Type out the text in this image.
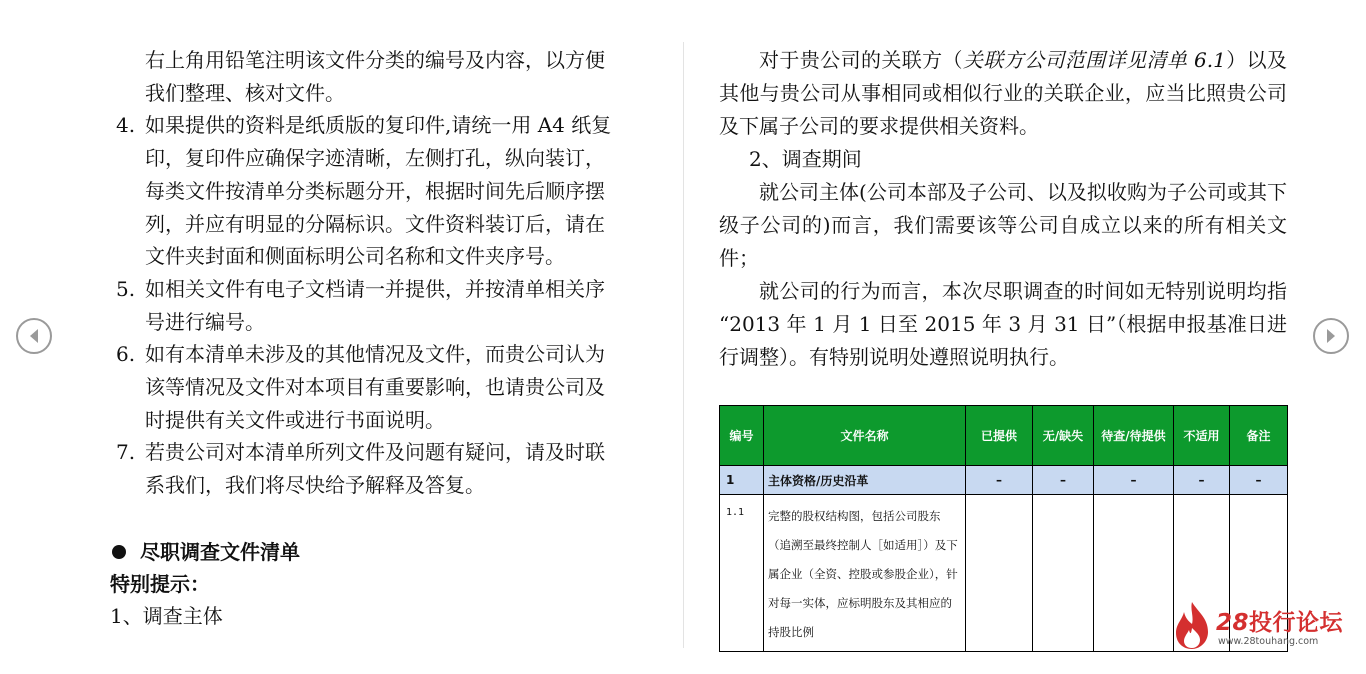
右上角用铅笔注明该文件分类的编号及内容，以方便
我们整理、核对文件。
4. 如果提供的资料是纸质版的复印件,请统一用 A4 纸复
印，复印件应确保字迹清晰，左侧打孔，纵向装订，
每类文件按清单分类标题分开，根据时间先后顺序摆
列，并应有明显的分隔标识。文件资料装订后，请在
文件夹封面和侧面标明公司名称和文件夹序号。
5. 如相关文件有电子文档请一并提供，并按清单相关序
号进行编号。
6. 如有本清单未涉及的其他情况及文件，而贵公司认为
该等情况及文件对本项目有重要影响，也请贵公司及
时提供有关文件或进行书面说明。
7. 若贵公司对本清单所列文件及问题有疑问，请及时联
系我们，我们将尽快给予解释及答复。
尽职调查文件清单
特别提示：
1、调查主体

对于贵公司的关联方（关联方公司范围详见清单 6.1）以及其他与贵公司从事相同或相似行业的关联企业，应当比照贵公司及下属子公司的要求提供相关资料。

2、调查期间

就公司主体(公司本部及子公司、以及拟收购为子公司或其下级子公司的)而言，我们需要该等公司自成立以来的所有相关文件；

就公司的行为而言，本次尽职调查的时间如无特别说明均指 “2013 年 1 月 1 日至 2015 年 3 月 31 日”（根据申报基准日进行调整）。有特别说明处遵照说明执行。

编号	文件名称	已提供	无/缺失	待查/待提供	不适用	备注
1	主体资格/历史沿革	–	–	–	–	–
1.1	完整的股权结构图，包括公司股东（追溯至最终控制人［如适用］）及下属企业（全资、控股或参股企业），针对每一实体，应标明股东及其相应的持股比例						28投行论坛
www.28touhang.com
